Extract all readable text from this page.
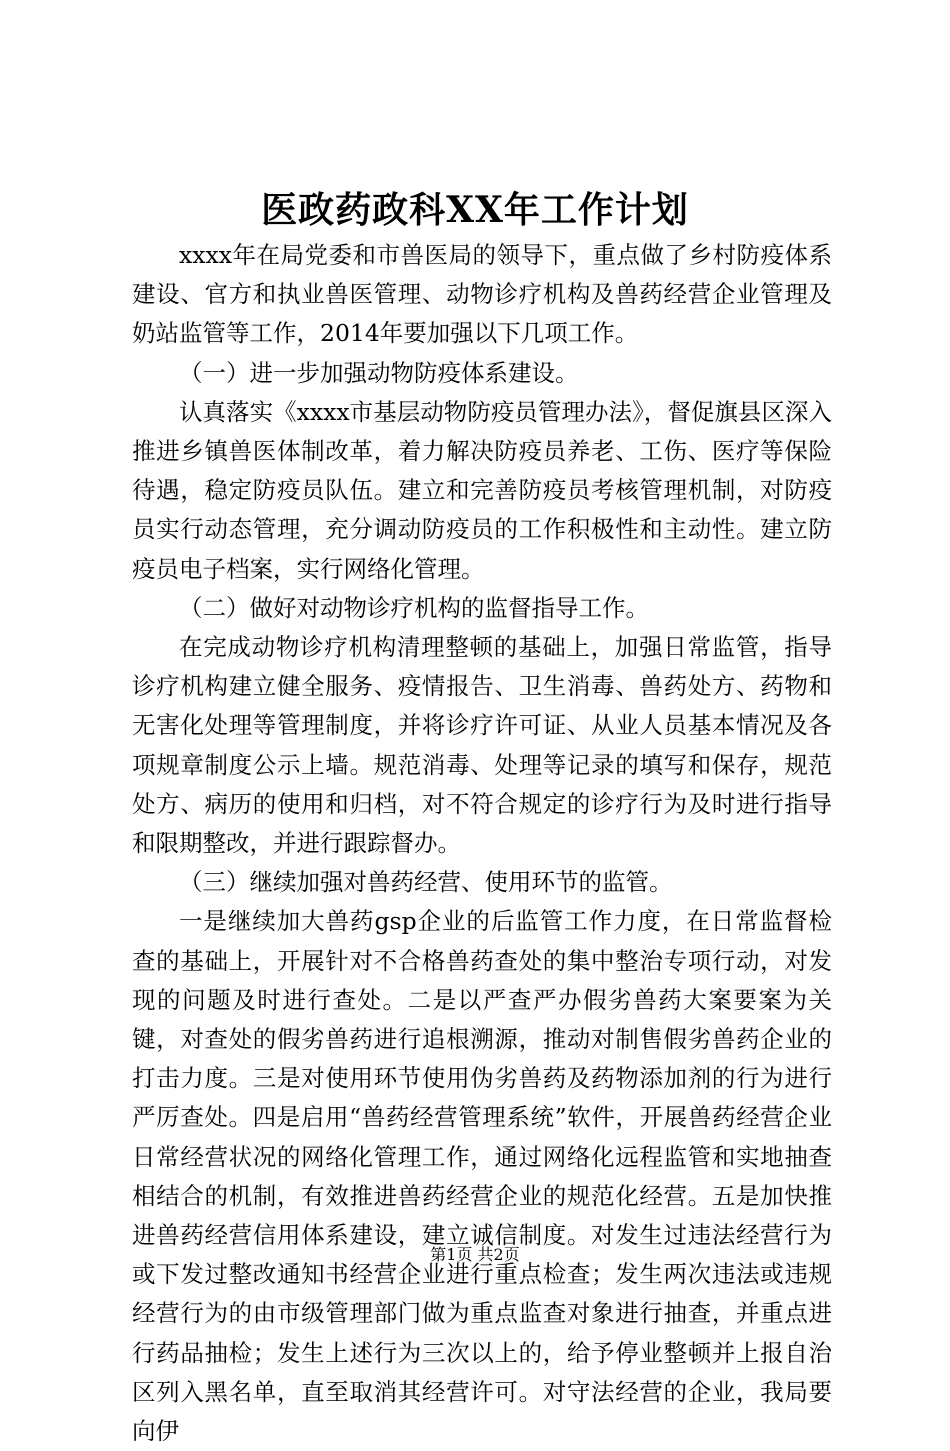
医政药政科XX年工作计划

xxxx年在局党委和市兽医局的领导下，重点做了乡村防疫体系建设、官方和执业兽医管理、动物诊疗机构及兽药经营企业管理及奶站监管等工作，2014年要加强以下几项工作。

（一）进一步加强动物防疫体系建设。

认真落实《xxxx市基层动物防疫员管理办法》，督促旗县区深入推进乡镇兽医体制改革，着力解决防疫员养老、工伤、医疗等保险待遇，稳定防疫员队伍。建立和完善防疫员考核管理机制，对防疫员实行动态管理，充分调动防疫员的工作积极性和主动性。建立防疫员电子档案，实行网络化管理。

（二）做好对动物诊疗机构的监督指导工作。

在完成动物诊疗机构清理整顿的基础上，加强日常监管，指导诊疗机构建立健全服务、疫情报告、卫生消毒、兽药处方、药物和无害化处理等管理制度，并将诊疗许可证、从业人员基本情况及各项规章制度公示上墙。规范消毒、处理等记录的填写和保存，规范处方、病历的使用和归档，对不符合规定的诊疗行为及时进行指导和限期整改，并进行跟踪督办。

（三）继续加强对兽药经营、使用环节的监管。

一是继续加大兽药gsp企业的后监管工作力度，在日常监督检查的基础上，开展针对不合格兽药查处的集中整治专项行动，对发现的问题及时进行查处。二是以严查严办假劣兽药大案要案为关键，对查处的假劣兽药进行追根溯源，推动对制售假劣兽药企业的打击力度。三是对使用环节使用伪劣兽药及药物添加剂的行为进行严厉查处。四是启用“兽药经营管理系统”软件，开展兽药经营企业日常经营状况的网络化管理工作，通过网络化远程监管和实地抽查相结合的机制，有效推进兽药经营企业的规范化经营。五是加快推进兽药经营信用体系建设，建立诚信制度。对发生过违法经营行为或下发过整改通知书经营企业进行重点检查；发生两次违法或违规经营行为的由市级管理部门做为重点监查对象进行抽查，并重点进行药品抽检；发生上述行为三次以上的，给予停业整顿并上报自治区列入黑名单，直至取消其经营许可。对守法经营的企业，我局要向伊

第1页 共2页
